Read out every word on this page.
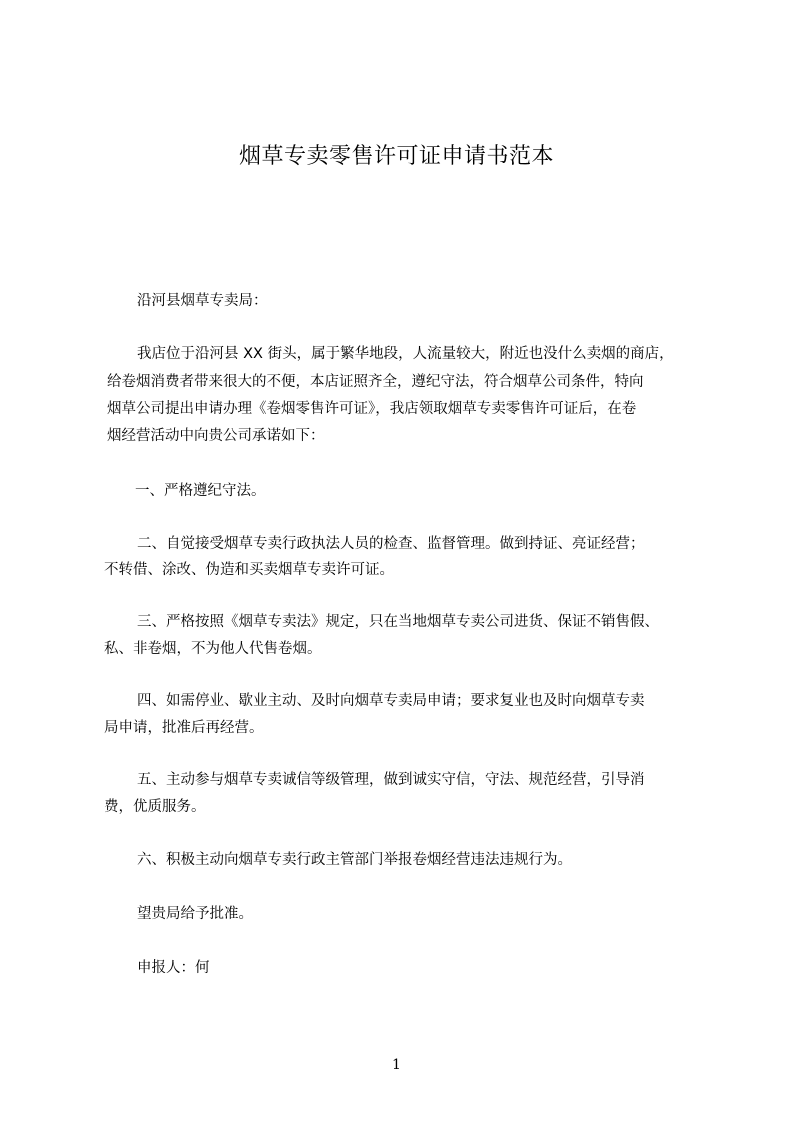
烟草专卖零售许可证申请书范本
沿河县烟草专卖局：
我店位于沿河县 XX 街头，属于繁华地段，人流量较大，附近也没什么卖烟的商店，
给卷烟消费者带来很大的不便，本店证照齐全，遵纪守法，符合烟草公司条件，特向
烟草公司提出申请办理《卷烟零售许可证》，我店领取烟草专卖零售许可证后，在卷
烟经营活动中向贵公司承诺如下：
一、严格遵纪守法。
二、自觉接受烟草专卖行政执法人员的检查、监督管理。做到持证、亮证经营；
不转借、涂改、伪造和买卖烟草专卖许可证。
三、严格按照《烟草专卖法》规定，只在当地烟草专卖公司进货、保证不销售假、
私、非卷烟，不为他人代售卷烟。
四、如需停业、歇业主动、及时向烟草专卖局申请；要求复业也及时向烟草专卖
局申请，批准后再经营。
五、主动参与烟草专卖诚信等级管理，做到诚实守信，守法、规范经营，引导消
费，优质服务。
六、积极主动向烟草专卖行政主管部门举报卷烟经营违法违规行为。
望贵局给予批准。
申报人：何
1
